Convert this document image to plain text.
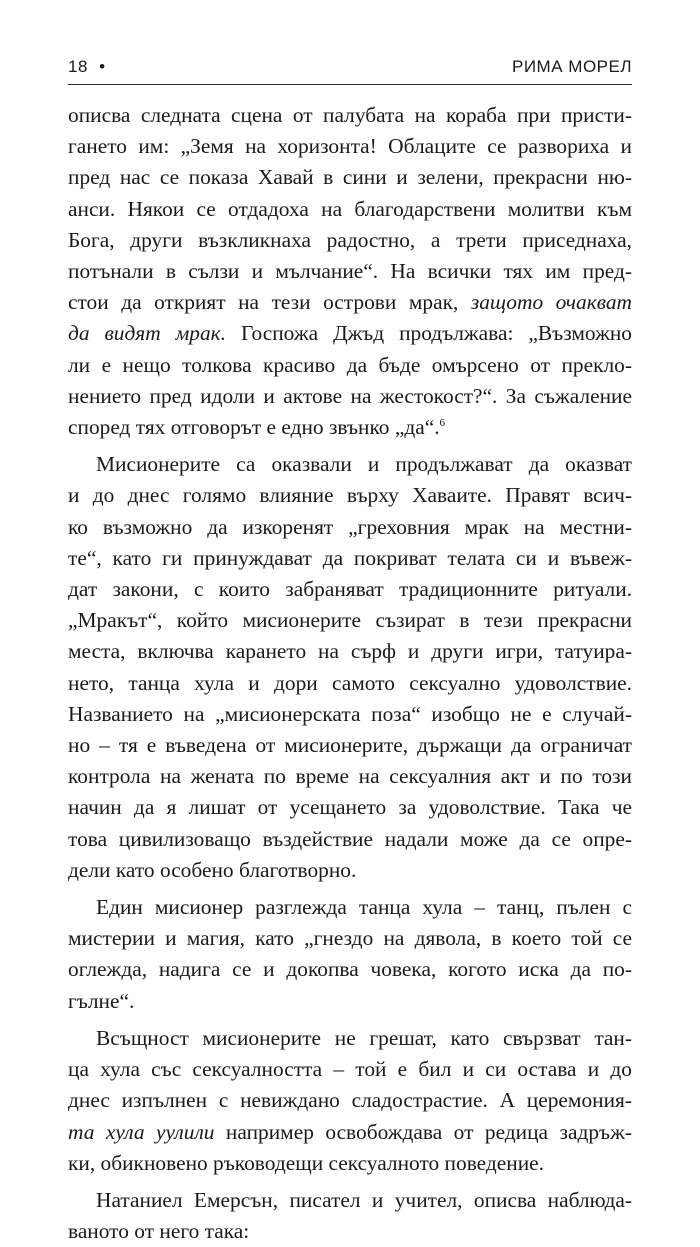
18 •	РИМА МОРЕЛ
описва следната сцена от палубата на кораба при присти-
гането им: „Земя на хоризонта! Облаците се развориха и
пред нас се показа Хавай в сини и зелени, прекрасни ню-
анси. Някои се отдадоха на благодарствени молитви към
Бога, други възкликнаха радостно, а трети приседнаха,
потънали в сълзи и мълчание“. На всички тях им пред-
стои да открият на тези острови мрак, защото очакват
да видят мрак. Госпожа Джъд продължава: „Възможно
ли е нещо толкова красиво да бъде омърсено от преклo-
нението пред идоли и актове на жестокост?“. За съжаление
според тях отговорът е едно звънко „да“.$^6$
Мисионерите са оказвали и продължават да оказват
и до днес голямо влияние върху Хаваите. Правят всич-
ко възможно да изкоренят „греховния мрак на местни-
те“, като ги принуждават да покриват телата си и въвеж-
дат закони, с които забраняват традиционните ритуали.
„Мракът“, който мисионерите съзират в тези прекрасни
места, включва карането на сърф и други игри, татуира-
нето, танца хула и дори самото сексуално удоволствие.
Названието на „мисионерската поза“ изобщо не е случай-
но – тя е въведена от мисионерите, държащи да ограничат
контрола на жената по време на сексуалния акт и по този
начин да я лишат от усещането за удоволствие. Така че
това цивилизоващо въздействие надали може да се опре-
дели като особено благотворно.
Един мисионер разглежда танца хула – танц, пълен с
мистерии и магия, като „гнездо на дявола, в което той се
оглежда, надига се и докопва човека, когото иска да по-
гълне“.
Всъщност мисионерите не грешат, като свързват тан-
ца хула със сексуалността – той е бил и си остава и до
днес изпълнен с невиждано сладострастие. А церемония-
та хула уулили например освобождава от редица задръж-
ки, обикновено ръководещи сексуалното поведение.
Натаниел Емерсън, писател и учител, описва наблюда-
ваното от него така:
